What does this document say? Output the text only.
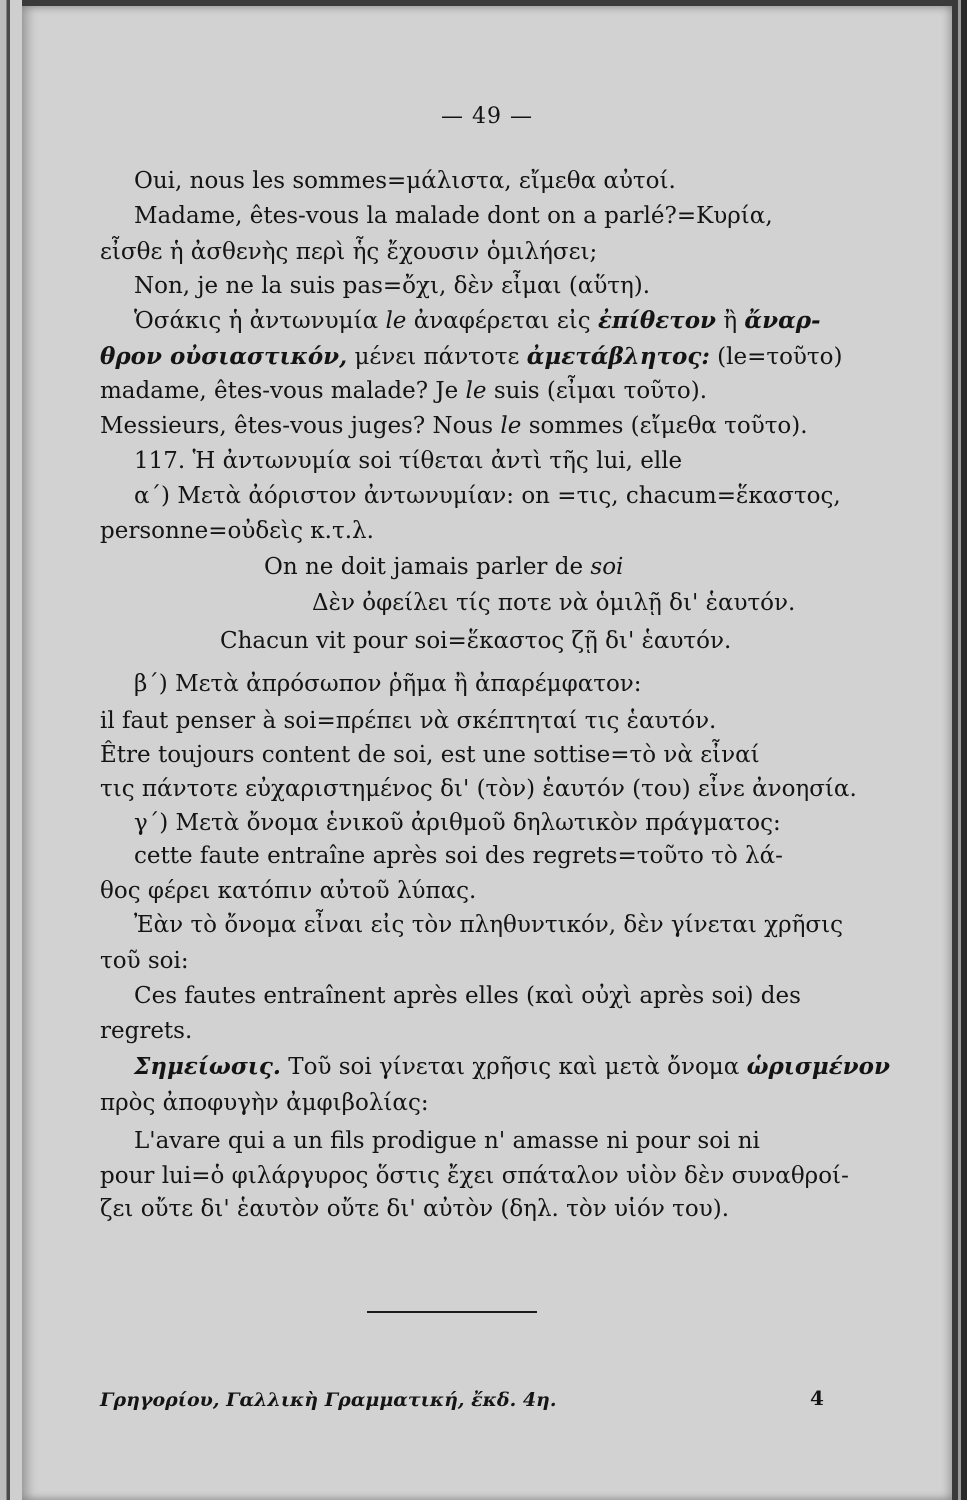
— 49 —
Oui, nous les sommes=μάλιστα, εἴμεθα αὐτοί.
Madame, êtes-vous la malade dont on a parlé?=Κυρία,
εἶσθε ἡ ἀσθενὴς περὶ ἧς ἔχουσιν ὁμιλήσει;
Non, je ne la suis pas=ὄχι, δὲν εἶμαι (αὕτη).
Ὁσάκις ἡ ἀντωνυμία le ἀναφέρεται εἰς ἐπίθετον ἢ ἄναρ-
θρον οὐσιαστικόν, μένει πάντοτε ἀμετάβλητος: (le=τοῦτο)
madame, êtes-vous malade? Je le suis (εἶμαι τοῦτο).
Messieurs, êtes-vous juges? Nous le sommes (εἴμεθα τοῦτο).
117. Ἡ ἀντωνυμία soi τίθεται ἀντὶ τῆς lui, elle
α΄) Μετὰ ἀόριστον ἀντωνυμίαν: on =τις, chacum=ἕκαστος,
personne=οὐδεὶς κ.τ.λ.
On ne doit jamais parler de soi
Δὲν ὀφείλει τίς ποτε νὰ ὁμιλῇ δι' ἑαυτόν.
Chacun vit pour soi=ἕκαστος ζῇ δι' ἑαυτόν.
β΄) Μετὰ ἀπρόσωπον ῥῆμα ἢ ἀπαρέμφατον:
il faut penser à soi=πρέπει νὰ σκέπτηταί τις ἑαυτόν.
Être toujours content de soi, est une sottise=τὸ νὰ εἶναί
τις πάντοτε εὐχαριστημένος δι' (τὸν) ἑαυτόν (του) εἶνε ἀνοησία.
γ΄) Μετὰ ὄνομα ἑνικοῦ ἀριθμοῦ δηλωτικὸν πράγματος:
cette faute entraîne après soi des regrets=τοῦτο τὸ λά-
θος φέρει κατόπιν αὐτοῦ λύπας.
Ἐὰν τὸ ὄνομα εἶναι εἰς τὸν πληθυντικόν, δὲν γίνεται χρῆσις
τοῦ soi:
Ces fautes entraînent après elles (καὶ οὐχὶ après soi) des
regrets.
Σημείωσις. Τοῦ soi γίνεται χρῆσις καὶ μετὰ ὄνομα ὡρισμένον
πρὸς ἀποφυγὴν ἀμφιβολίας:
L'avare qui a un fils prodigue n' amasse ni pour soi ni
pour lui=ὁ φιλάργυρος ὅστις ἔχει σπάταλον υἱὸν δὲν συναθροί-
ζει οὔτε δι' ἑαυτὸν οὔτε δι' αὐτὸν (δηλ. τὸν υἱόν του).
Γρηγορίου, Γαλλικὴ Γραμματική, ἔκδ. 4η.	4
